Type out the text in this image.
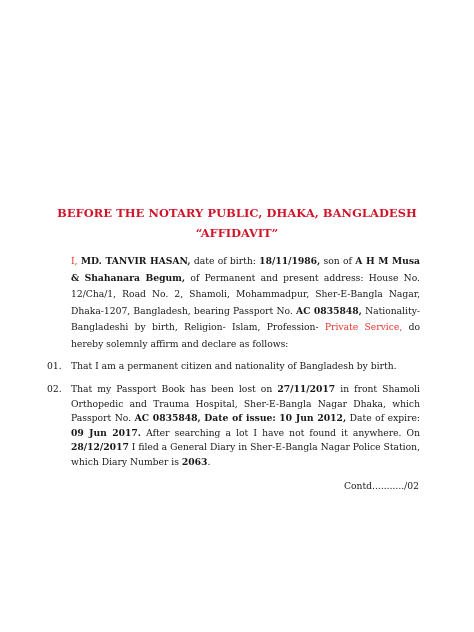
BEFORE THE NOTARY PUBLIC, DHAKA, BANGLADESH
“AFFIDAVIT”
I, MD. TANVIR HASAN, date of birth: 18/11/1986, son of A H M Musa & Shahanara Begum, of Permanent and present address: House No. 12/Cha/1, Road No. 2, Shamoli, Mohammadpur, Sher-E-Bangla Nagar, Dhaka-1207, Bangladesh, bearing Passport No. AC 0835848, Nationality-Bangladeshi by birth, Religion- Islam, Profession- Private Service, do hereby solemnly affirm and declare as follows:
01.	That I am a permanent citizen and nationality of Bangladesh by birth.
02.	That my Passport Book has been lost on 27/11/2017 in front Shamoli Orthopedic and Trauma Hospital, Sher-E-Bangla Nagar Dhaka, which Passport No. AC 0835848, Date of issue: 10 Jun 2012, Date of expire: 09 Jun 2017. After searching a lot I have not found it anywhere. On 28/12/2017 I filed a General Diary in Sher-E-Bangla Nagar Police Station, which Diary Number is 2063.
Contd.........../02
